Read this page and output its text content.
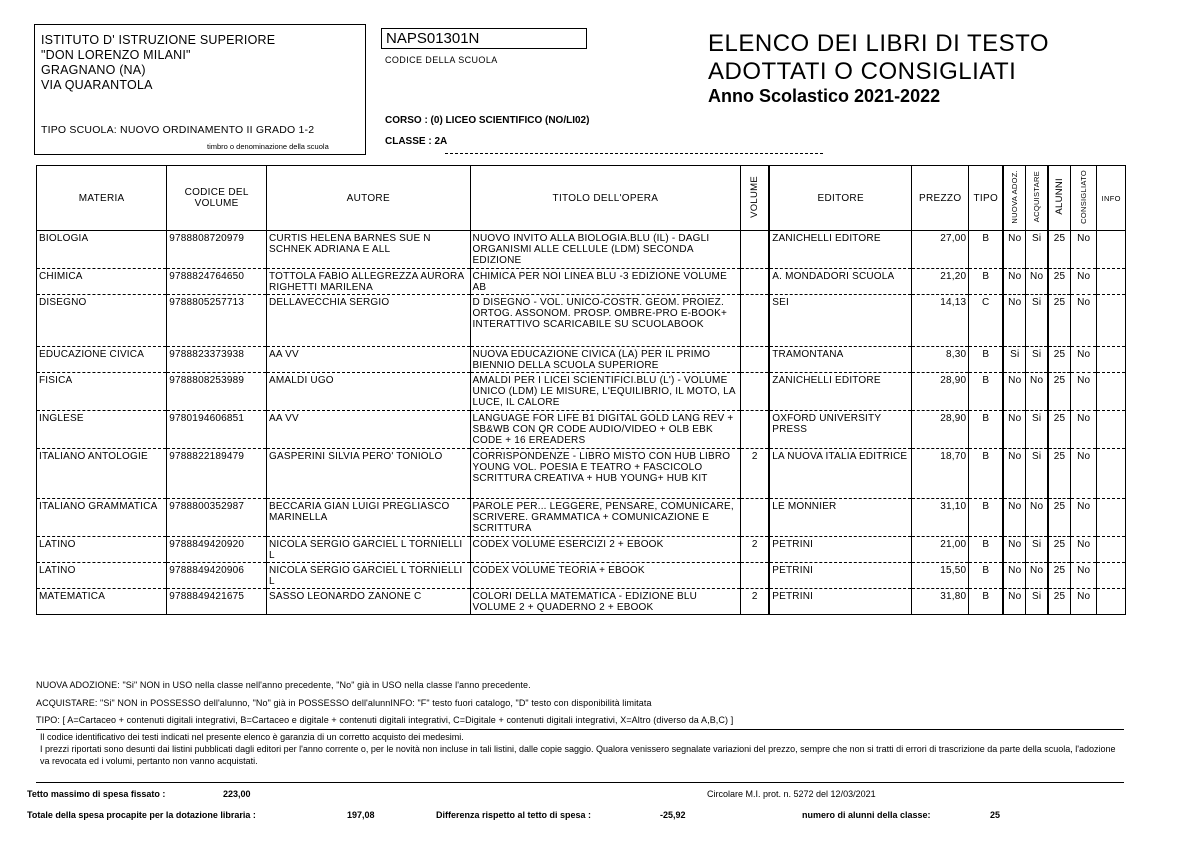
ISTITUTO D' ISTRUZIONE SUPERIORE
"DON LORENZO MILANI"
GRAGNANO (NA)
VIA QUARANTOLA
TIPO SCUOLA: NUOVO ORDINAMENTO II GRADO 1-2
timbro o denominazione della scuola
NAPS01301N
CODICE DELLA SCUOLA
CORSO : (0) LICEO SCIENTIFICO (NO/LI02)
CLASSE : 2A
ELENCO DEI LIBRI DI TESTO
ADOTTATI O CONSIGLIATI
Anno Scolastico 2021-2022
MATERIA	CODICE DEL VOLUME	AUTORE	TITOLO DELL'OPERA	VOLUME	EDITORE	PREZZO	TIPO	NUOVA ADOZ.	ACQUISTARE	ALUNNI	CONSIGLIATO	INFO
BIOLOGIA	9788808720979	CURTIS HELENA BARNES SUE N SCHNEK ADRIANA E ALL	NUOVO INVITO ALLA BIOLOGIA.BLU (IL) - DAGLI ORGANISMI ALLE CELLULE (LDM) SECONDA EDIZIONE		ZANICHELLI EDITORE	27,00	B	No	Si	25	No	
CHIMICA	9788824764650	TOTTOLA FABIO ALLEGREZZA AURORA RIGHETTI MARILENA	CHIMICA PER NOI LINEA BLU -3 EDIZIONE VOLUME AB		A. MONDADORI SCUOLA	21,20	B	No	No	25	No	
DISEGNO	9788805257713	DELLAVECCHIA SERGIO	D DISEGNO - VOL. UNICO-COSTR. GEOM. PROIEZ. ORTOG. ASSONOM. PROSP. OMBRE-PRO E-BOOK+ INTERATTIVO SCARICABILE SU SCUOLABOOK		SEI	14,13	C	No	Si	25	No	
EDUCAZIONE CIVICA	9788823373938	AA VV	NUOVA EDUCAZIONE CIVICA (LA) PER IL PRIMO BIENNIO DELLA SCUOLA SUPERIORE		TRAMONTANA	8,30	B	Si	Si	25	No	
FISICA	9788808253989	AMALDI UGO	AMALDI PER I LICEI SCIENTIFICI.BLU (L') - VOLUME UNICO (LDM) LE MISURE, L'EQUILIBRIO, IL MOTO, LA LUCE, IL CALORE		ZANICHELLI EDITORE	28,90	B	No	No	25	No	
INGLESE	9780194606851	AA VV	LANGUAGE FOR LIFE B1 DIGITAL GOLD LANG REV + SB&WB CON QR CODE AUDIO/VIDEO + OLB EBK CODE + 16 EREADERS		OXFORD UNIVERSITY PRESS	28,90	B	No	Si	25	No	
ITALIANO ANTOLOGIE	9788822189479	GASPERINI SILVIA PERO' TONIOLO	CORRISPONDENZE - LIBRO MISTO CON HUB LIBRO YOUNG VOL. POESIA E TEATRO + FASCICOLO SCRITTURA CREATIVA + HUB YOUNG+ HUB KIT	2	LA NUOVA ITALIA EDITRICE	18,70	B	No	Si	25	No	
ITALIANO GRAMMATICA	9788800352987	BECCARIA GIAN LUIGI PREGLIASCO MARINELLA	PAROLE PER... LEGGERE, PENSARE, COMUNICARE, SCRIVERE. GRAMMATICA + COMUNICAZIONE E SCRITTURA		LE MONNIER	31,10	B	No	No	25	No	
LATINO	9788849420920	NICOLA SERGIO GARCIEL L TORNIELLI L	CODEX VOLUME ESERCIZI 2 + EBOOK	2	PETRINI	21,00	B	No	Si	25	No	
LATINO	9788849420906	NICOLA SERGIO GARCIEL L TORNIELLI L	CODEX VOLUME TEORIA + EBOOK		PETRINI	15,50	B	No	No	25	No	
MATEMATICA	9788849421675	SASSO LEONARDO ZANONE C	COLORI DELLA MATEMATICA - EDIZIONE BLU VOLUME 2 + QUADERNO 2 + EBOOK	2	PETRINI	31,80	B	No	Si	25	No	
NUOVA ADOZIONE: "Si" NON in USO nella classe nell'anno precedente, "No" già in USO nella classe l'anno precedente.
ACQUISTARE: "Si" NON in POSSESSO dell'alunno, "No" già in POSSESSO dell'alunnINFO: "F" testo fuori catalogo, "D" testo con disponibilità limitata
TIPO: [ A=Cartaceo + contenuti digitali integrativi, B=Cartaceo e digitale + contenuti digitali integrativi, C=Digitale + contenuti digitali integrativi, X=Altro (diverso da A,B,C) ]
Il codice identificativo dei testi indicati nel presente elenco è garanzia di un corretto acquisto dei medesimi.
I prezzi riportati sono desunti dai listini pubblicati dagli editori per l'anno corrente o, per le novità non incluse in tali listini, dalle copie saggio. Qualora venissero segnalate variazioni del prezzo, sempre che non si tratti di errori di trascrizione da parte della scuola, l'adozione va revocata ed i volumi, pertanto non vanno acquistati.
Tetto massimo di spesa fissato :	223,00	Circolare M.I. prot. n. 5272 del 12/03/2021
Totale della spesa procapite per la dotazione libraria :	197,08	Differenza rispetto al tetto di spesa :	-25,92	numero di alunni della classe:	25
